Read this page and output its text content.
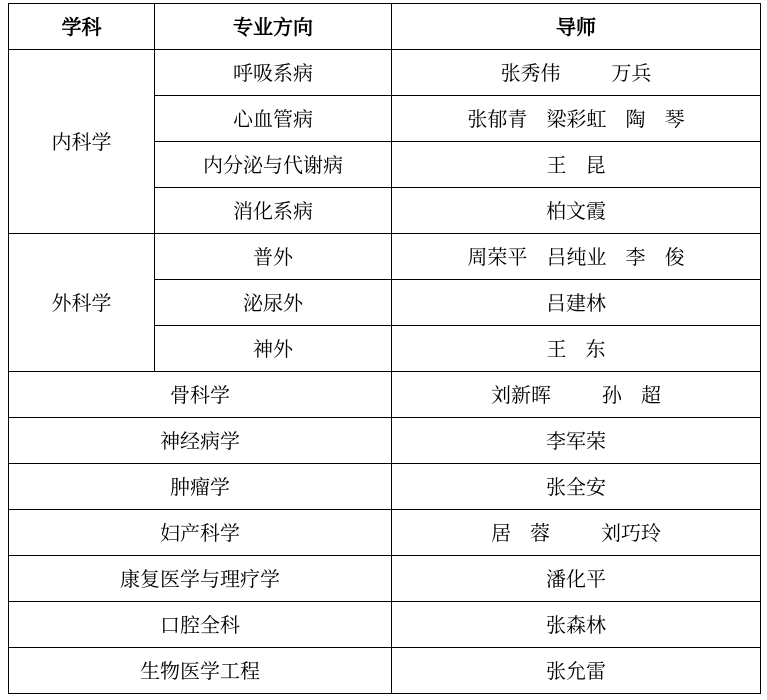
学科	专业方向	导师
内科学	呼吸系病	张秀伟        万兵
	心血管病	张郁青   梁彩虹   陶   琴
	内分泌与代谢病	王   昆
	消化系病	柏文霞
外科学	普外	周荣平   吕纯业   李   俊
	泌尿外	吕建林
	神外	王   东
骨科学		刘新晖        孙   超
神经病学		李军荣
肿瘤学		张全安
妇产科学		居   蓉        刘巧玲
康复医学与理疗学		潘化平
口腔全科		张森林
生物医学工程		张允雷
